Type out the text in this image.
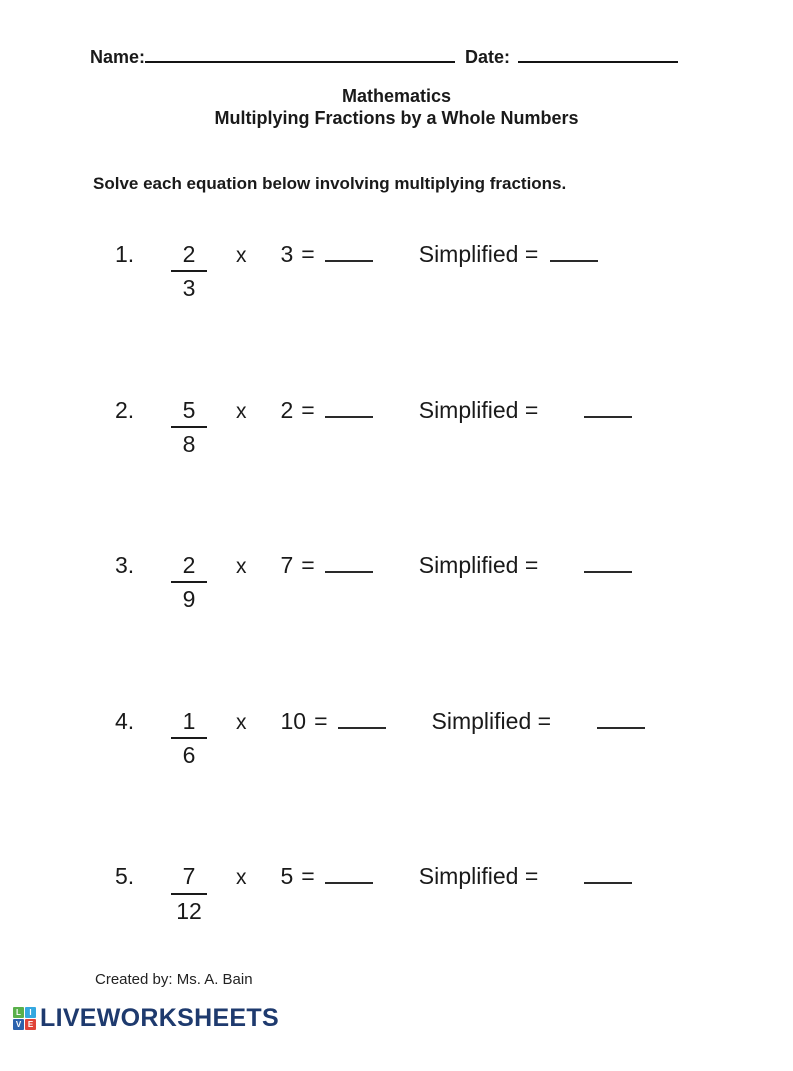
Name:	Date:
Mathematics
Multiplying Fractions by a Whole Numbers
Solve each equation below involving multiplying fractions.
1.	$\frac{2}{3}$ x 3 =	Simplified =
2.	$\frac{5}{8}$ x 2 =	Simplified =
3.	$\frac{2}{9}$ x 7 =	Simplified =
4.	$\frac{1}{6}$ x 10 =	Simplified =
5.	$\frac{7}{12}$ x 5 =	Simplified =
Created by: Ms. A. Bain
L	I
V E LIVEWORKSHEETS
